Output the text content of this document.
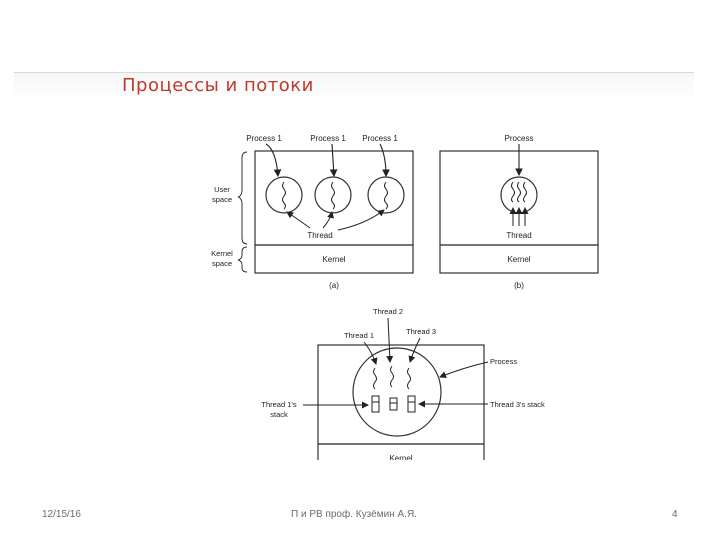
Процессы и потоки
User
space
Kernel
space
Process 1	Process 1 Process 1
Thread
Kernel
(a)
Process
Thread
Kernel
(b)
Thread 1
Thread 2
Thread 3
Process
Thread 1's
stack
Thread 3's stack
Kernel
12/15/16	П и РВ проф. Кузёмин А.Я.	4
